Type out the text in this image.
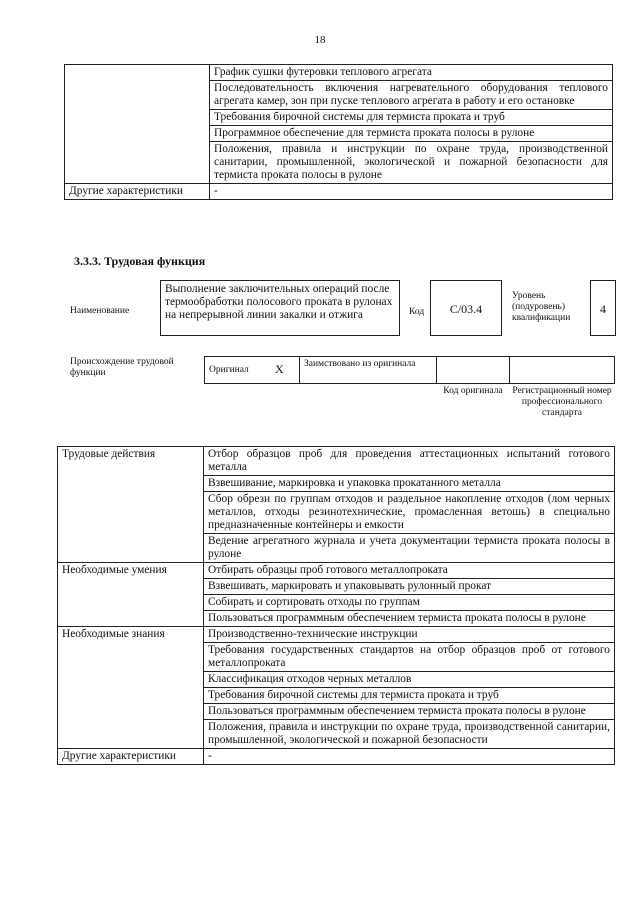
18
	График сушки футеровки теплового агрегата
	Последовательность включения нагревательного оборудования теплового агрегата камер, зон при пуске теплового агрегата в работу и его остановке
	Требования бирочной системы для термиста проката и труб
	Программное обеспечение для термиста проката полосы в рулоне
	Положения, правила и инструкции по охране труда, производственной санитарии, промышленной, экологической и пожарной безопасности для термиста проката полосы в рулоне
Другие характеристики	-
3.3.3. Трудовая функция
Наименование
Выполнение заключительных операций после термообработки полосового проката в рулонах на непрерывной линии закалки и отжига	Код	C/03.4
Уровень (подуровень) квалификации
4
Происхождение трудовой функции	Оригинал X Заимствовано из оригинала
Код оригинала	Регистрационный номер профессионального стандарта
Трудовые действия	Отбор образцов проб для проведения аттестационных испытаний готового металла
	Взвешивание, маркировка и упаковка прокатанного металла
	Сбор обрези по группам отходов и раздельное накопление отходов (лом черных металлов, отходы резинотехнические, промасленная ветошь) в специально предназначенные контейнеры и емкости
	Ведение агрегатного журнала и учета документации термиста проката полосы в рулоне
Необходимые умения	Отбирать образцы проб готового металлопроката
	Взвешивать, маркировать и упаковывать рулонный прокат
	Собирать и сортировать отходы по группам
	Пользоваться программным обеспечением термиста проката полосы в рулоне
Необходимые знания	Производственно-технические инструкции
	Требования государственных стандартов на отбор образцов проб от готового металлопроката
	Классификация отходов черных металлов
	Требования бирочной системы для термиста проката и труб
	Пользоваться программным обеспечением термиста проката полосы в рулоне
	Положения, правила и инструкции по охране труда, производственной санитарии, промышленной, экологической и пожарной безопасности
Другие характеристики	-
